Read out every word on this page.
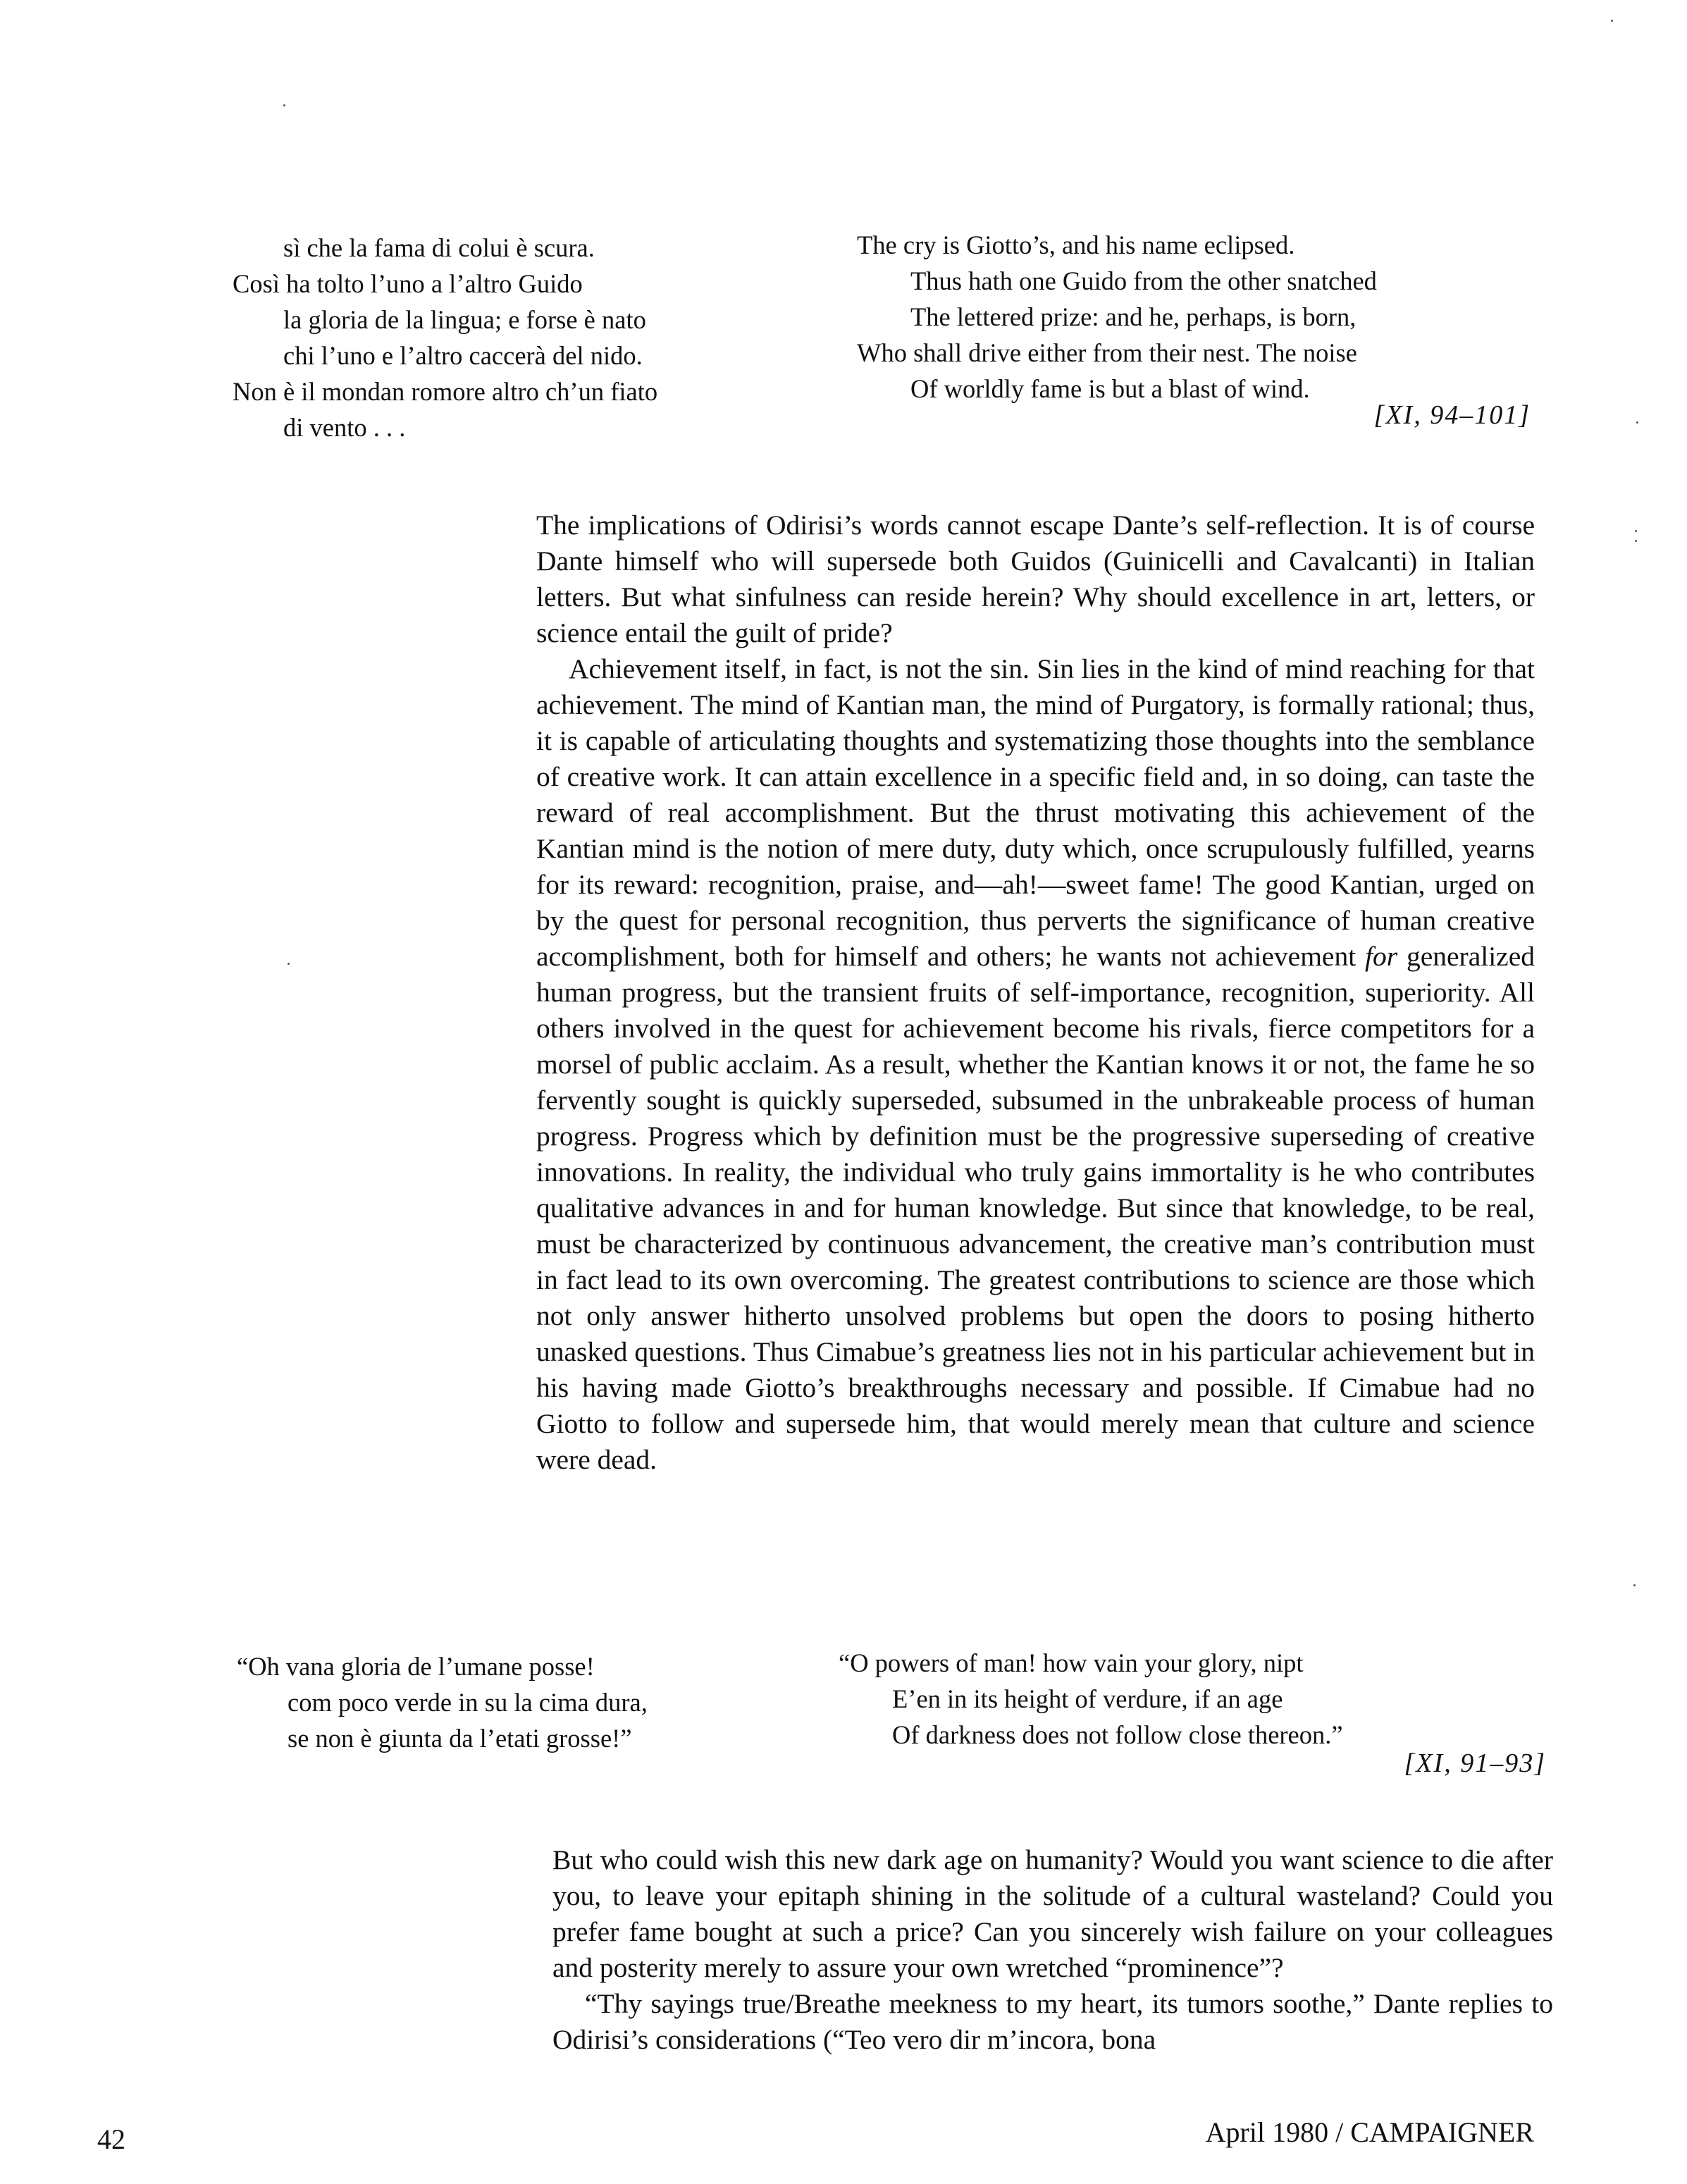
sì che la fama di colui è scura.
Così ha tolto l’uno a l’altro Guido
la gloria de la lingua; e forse è nato
chi l’uno e l’altro caccerà del nido.
Non è il mondan romore altro ch’un fiato
di vento . . .
The cry is Giotto’s, and his name eclipsed.
Thus hath one Guido from the other snatched
The lettered prize: and he, perhaps, is born,
Who shall drive either from their nest. The noise
Of worldly fame is but a blast of wind.
[XI, 94–101]

The implications of Odirisi’s words cannot escape Dante’s self-reflection. It is of course Dante himself who will supersede both Guidos (Guinicelli and Cavalcanti) in Italian letters. But what sinfulness can reside herein? Why should excellence in art, letters, or science entail the guilt of pride?

Achievement itself, in fact, is not the sin. Sin lies in the kind of mind reaching for that achievement. The mind of Kantian man, the mind of Purgatory, is formally rational; thus, it is capable of articulating thoughts and systematizing those thoughts into the semblance of creative work. It can attain excellence in a specific field and, in so doing, can taste the reward of real accomplishment. But the thrust motivating this achievement of the Kantian mind is the notion of mere duty, duty which, once scrupulously fulfilled, yearns for its reward: recognition, praise, and—ah!—sweet fame! The good Kantian, urged on by the quest for personal recognition, thus perverts the significance of human creative accomplishment, both for himself and others; he wants not achievement for generalized human progress, but the transient fruits of self-importance, recognition, superiority. All others involved in the quest for achievement become his rivals, fierce competitors for a morsel of public acclaim. As a result, whether the Kantian knows it or not, the fame he so fervently sought is quickly superseded, subsumed in the unbrakeable process of human progress. Progress which by definition must be the progressive superseding of creative innovations. In reality, the individual who truly gains immortality is he who contributes qualitative advances in and for human knowledge. But since that knowledge, to be real, must be characterized by continuous advancement, the creative man’s contribution must in fact lead to its own overcoming. The greatest contributions to science are those which not only answer hitherto unsolved problems but open the doors to posing hitherto unasked questions. Thus Cimabue’s greatness lies not in his particular achievement but in his having made Giotto’s breakthroughs necessary and possible. If Cimabue had no Giotto to follow and supersede him, that would merely mean that culture and science were dead.

“Oh vana gloria de l’umane posse!
com poco verde in su la cima dura,
se non è giunta da l’etati grosse!”
“O powers of man! how vain your glory, nipt
E’en in its height of verdure, if an age
Of darkness does not follow close thereon.”
[XI, 91–93]

But who could wish this new dark age on humanity? Would you want science to die after you, to leave your epitaph shining in the solitude of a cultural wasteland? Could you prefer fame bought at such a price? Can you sincerely wish failure on your colleagues and posterity merely to assure your own wretched “prominence”?

“Thy sayings true/Breathe meekness to my heart, its tumors soothe,” Dante replies to Odirisi’s considerations (“Teo vero dir m’incora, bona

42	April 1980 / CAMPAIGNER
